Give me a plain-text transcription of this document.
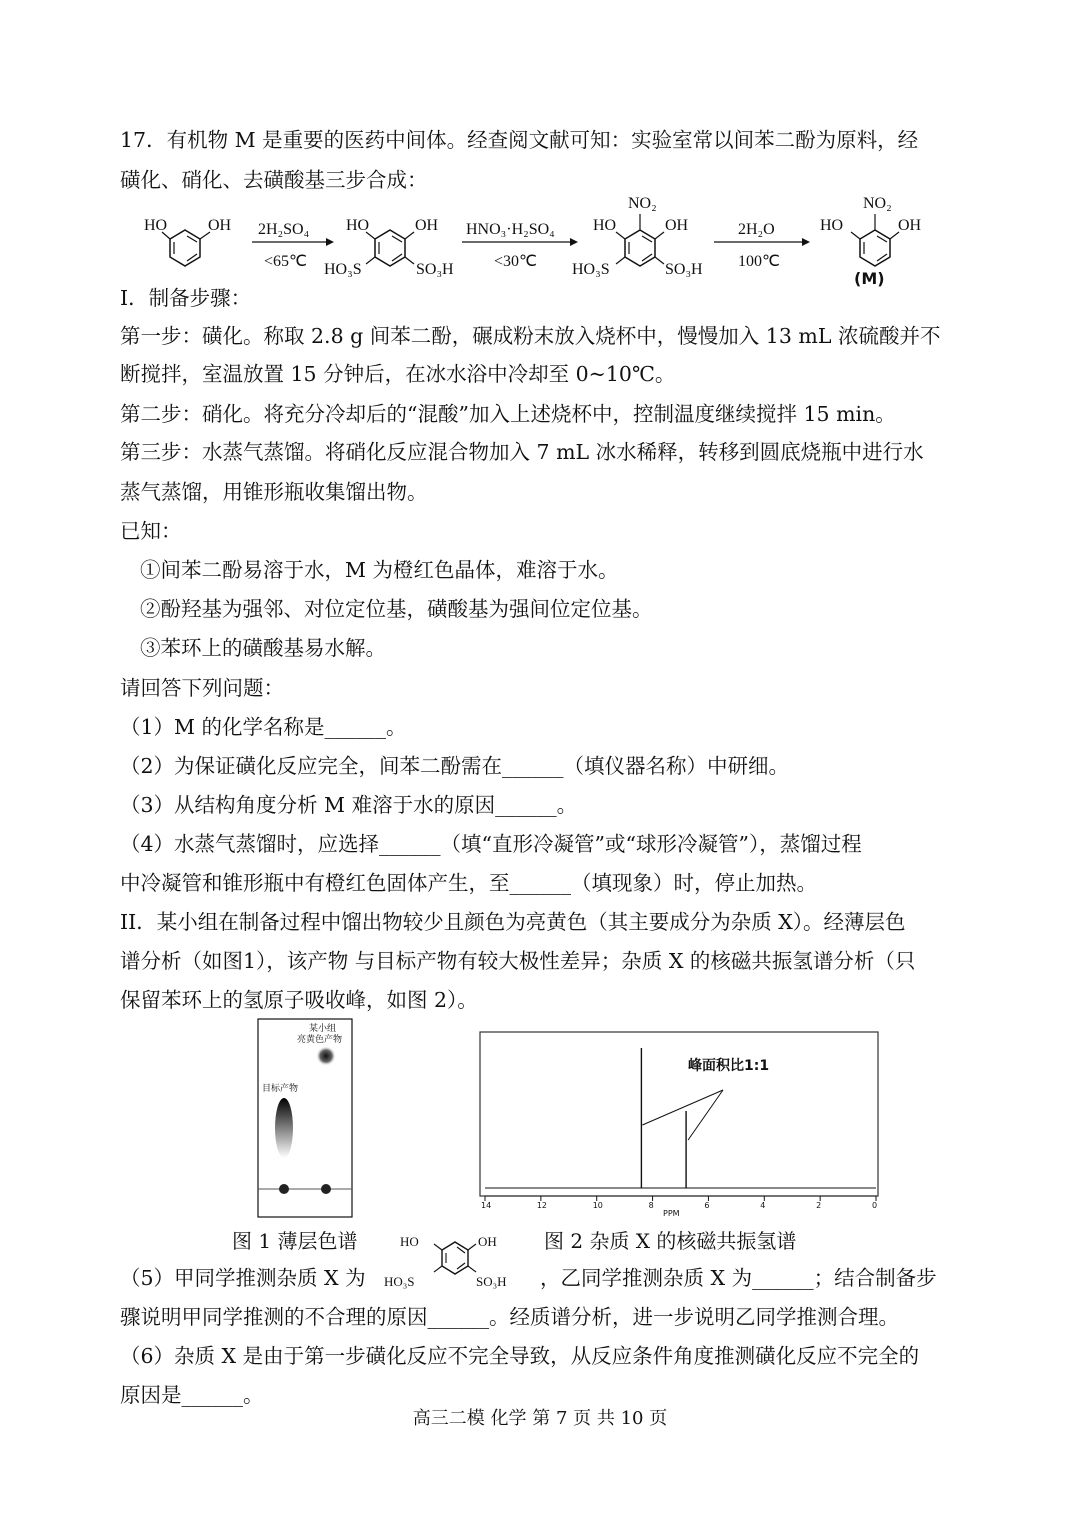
17．有机物 M 是重要的医药中间体。经查阅文献可知：实验室常以间苯二酚为原料，经
磺化、硝化、去磺酸基三步合成：
HO	OH 2H₂SO₄
<65℃
HO	OH
HO₃S	SO₃H
HNO₃·H₂SO₄
<30℃
NO₂
HO	OH
HO₃S	SO₃H
2H₂O
100℃
NO₂
HO	OH
(M)
I．制备步骤：
第一步：磺化。称取 2.8 g 间苯二酚，碾成粉末放入烧杯中，慢慢加入 13 mL 浓硫酸并不
断搅拌，室温放置 15 分钟后，在冰水浴中冷却至 0~10℃。
第二步：硝化。将充分冷却后的“混酸”加入上述烧杯中，控制温度继续搅拌 15 min。
第三步：水蒸气蒸馏。将硝化反应混合物加入 7 mL 冰水稀释，转移到圆底烧瓶中进行水
蒸气蒸馏，用锥形瓶收集馏出物。
已知：
①间苯二酚易溶于水，M 为橙红色晶体，难溶于水。
②酚羟基为强邻、对位定位基，磺酸基为强间位定位基。
③苯环上的磺酸基易水解。
请回答下列问题：
（1）M 的化学名称是______。
（2）为保证磺化反应完全，间苯二酚需在______（填仪器名称）中研细。
（3）从结构角度分析 M 难溶于水的原因______。
（4）水蒸气蒸馏时，应选择______（填“直形冷凝管”或“球形冷凝管”），蒸馏过程
中冷凝管和锥形瓶中有橙红色固体产生，至______（填现象）时，停止加热。
II．某小组在制备过程中馏出物较少且颜色为亮黄色（其主要成分为杂质 X）。经薄层色
谱分析（如图1），该产物 与目标产物有较大极性差异；杂质 X 的核磁共振氢谱分析（只
保留苯环上的氢原子吸收峰，如图 2）。
某小组
亮黄色产物
目标产物
峰面积比1:1
14	12	10	8	6	4	2	0
PPM
图 1 薄层色谱	图 2 杂质 X 的核磁共振氢谱
（5）甲同学推测杂质 X 为
HO	OH
HO₃S	SO₃H ，乙同学推测杂质 X 为______；结合制备步
骤说明甲同学推测的不合理的原因______。经质谱分析，进一步说明乙同学推测合理。
（6）杂质 X 是由于第一步磺化反应不完全导致，从反应条件角度推测磺化反应不完全的
原因是______。
高三二模 化学 第 7 页 共 10 页
